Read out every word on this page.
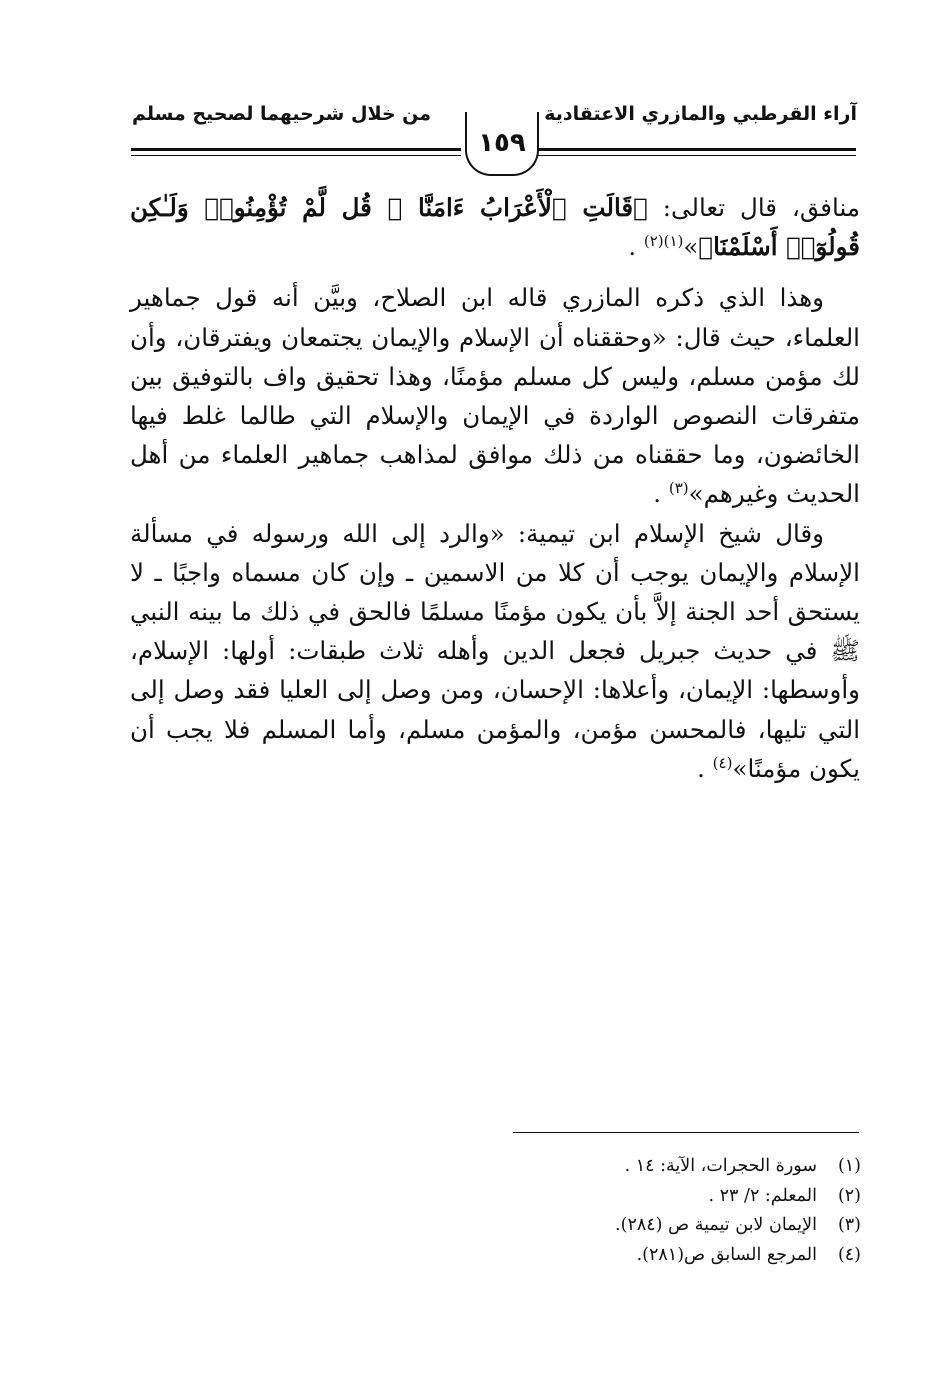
آراء القرطبي والمازري الاعتقادية
من خلال شرحيهما لصحيح مسلم
١٥٩

منافق، قال تعالى: ﴿قَالَتِ ٱلْأَعْرَابُ ءَامَنَّا ۖ قُل لَّمْ تُؤْمِنُوا۟ وَلَـٰكِن قُولُوٓا۟ أَسْلَمْنَا﴾»$^{(١)(٢)}$ .

وهذا الذي ذكره المازري قاله ابن الصلاح، وبيَّن أنه قول جماهير العلماء، حيث قال: «وحققناه أن الإسلام والإيمان يجتمعان ويفترقان، وأن لك مؤمن مسلم، وليس كل مسلم مؤمنًا، وهذا تحقيق واف بالتوفيق بين متفرقات النصوص الواردة في الإيمان والإسلام التي طالما غلط فيها الخائضون، وما حققناه من ذلك موافق لمذاهب جماهير العلماء من أهل الحديث وغيرهم»$^{(٣)}$ .

وقال شيخ الإسلام ابن تيمية: «والرد إلى الله ورسوله في مسألة الإسلام والإيمان يوجب أن كلا من الاسمين ـ وإن كان مسماه واجبًا ـ لا يستحق أحد الجنة إلاَّ بأن يكون مؤمنًا مسلمًا فالحق في ذلك ما بينه النبي ﷺ في حديث جبريل فجعل الدين وأهله ثلاث طبقات: أولها: الإسلام، وأوسطها: الإيمان، وأعلاها: الإحسان، ومن وصل إلى العليا فقد وصل إلى التي تليها، فالمحسن مؤمن، والمؤمن مسلم، وأما المسلم فلا يجب أن يكون مؤمنًا»$^{(٤)}$ .

(١)سورة الحجرات، الآية: ١٤ .
(٢)المعلم: ٢/ ٢٣ .
(٣)الإيمان لابن تيمية ص (٢٨٤).
(٤)المرجع السابق ص(٢٨١).
